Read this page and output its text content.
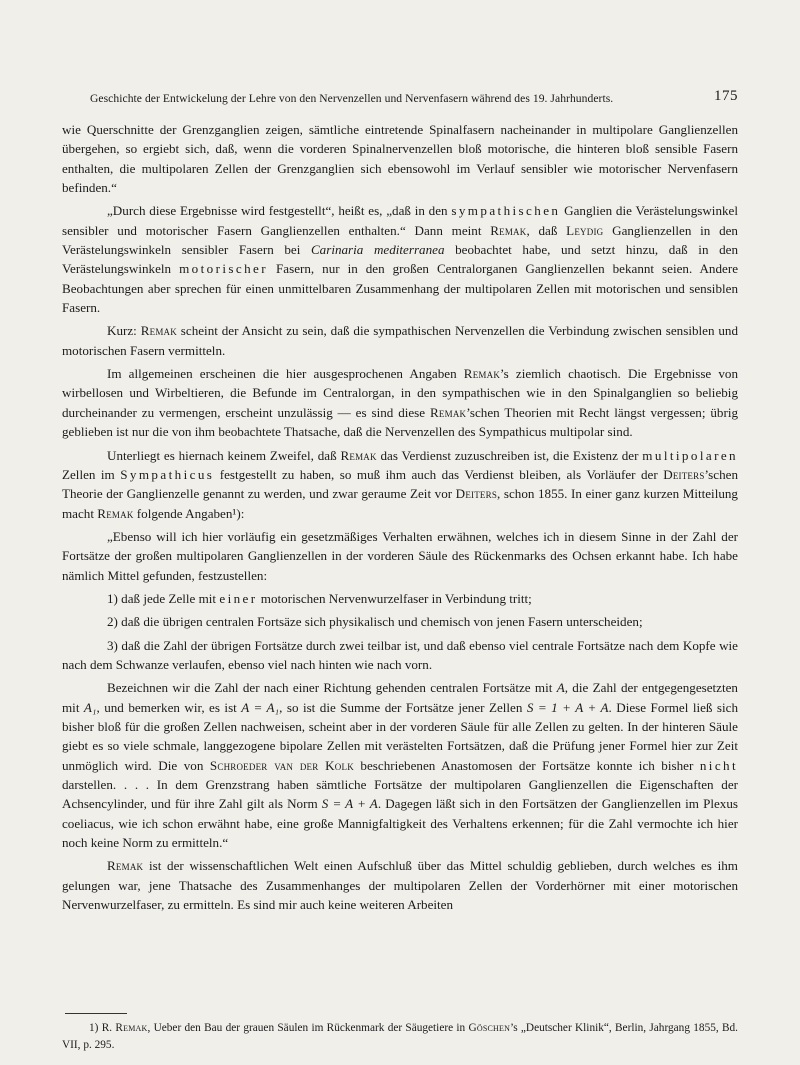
Geschichte der Entwickelung der Lehre von den Nervenzellen und Nervenfasern während des 19. Jahrhunderts.	175

wie Querschnitte der Grenzganglien zeigen, sämtliche eintretende Spinalfasern nacheinander in multipolare Ganglienzellen übergehen, so ergiebt sich, daß, wenn die vorderen Spinalnervenzellen bloß motorische, die hinteren bloß sensible Fasern enthalten, die multipolaren Zellen der Grenzganglien sich ebensowohl im Verlauf sensibler wie motorischer Nervenfasern befinden.“

„Durch diese Ergebnisse wird festgestellt“, heißt es, „daß in den sympathischen Ganglien die Verästelungswinkel sensibler und motorischer Fasern Ganglienzellen enthalten.“ Dann meint Remak, daß Leydig Ganglienzellen in den Verästelungswinkeln sensibler Fasern bei Carinaria mediterranea beobachtet habe, und setzt hinzu, daß in den Verästelungswinkeln motorischer Fasern, nur in den großen Centralorganen Ganglienzellen bekannt seien. Andere Beobachtungen aber sprechen für einen unmittelbaren Zusammenhang der multipolaren Zellen mit motorischen und sensiblen Fasern.

Kurz: Remak scheint der Ansicht zu sein, daß die sympathischen Nervenzellen die Verbindung zwischen sensiblen und motorischen Fasern vermitteln.

Im allgemeinen erscheinen die hier ausgesprochenen Angaben Remak’s ziemlich chaotisch. Die Ergebnisse von wirbellosen und Wirbeltieren, die Befunde im Centralorgan, in den sympathischen wie in den Spinalganglien so beliebig durcheinander zu vermengen, erscheint unzulässig — es sind diese Remak’schen Theorien mit Recht längst vergessen; übrig geblieben ist nur die von ihm beobachtete Thatsache, daß die Nervenzellen des Sympathicus multipolar sind.

Unterliegt es hiernach keinem Zweifel, daß Remak das Verdienst zuzuschreiben ist, die Existenz der multipolaren Zellen im Sympathicus festgestellt zu haben, so muß ihm auch das Verdienst bleiben, als Vorläufer der Deiters’schen Theorie der Ganglienzelle genannt zu werden, und zwar geraume Zeit vor Deiters, schon 1855. In einer ganz kurzen Mitteilung macht Remak folgende Angaben¹):

„Ebenso will ich hier vorläufig ein gesetzmäßiges Verhalten erwähnen, welches ich in diesem Sinne in der Zahl der Fortsätze der großen multipolaren Ganglienzellen in der vorderen Säule des Rückenmarks des Ochsen erkannt habe. Ich habe nämlich Mittel gefunden, festzustellen:

1) daß jede Zelle mit einer motorischen Nervenwurzelfaser in Verbindung tritt;

2) daß die übrigen centralen Fortsäze sich physikalisch und chemisch von jenen Fasern unterscheiden;

3) daß die Zahl der übrigen Fortsätze durch zwei teilbar ist, und daß ebenso viel centrale Fortsätze nach dem Kopfe wie nach dem Schwanze verlaufen, ebenso viel nach hinten wie nach vorn.

Bezeichnen wir die Zahl der nach einer Richtung gehenden centralen Fortsätze mit A, die Zahl der entgegengesetzten mit A₁, und bemerken wir, es ist A = A₁, so ist die Summe der Fortsätze jener Zellen S = 1 + A + A. Diese Formel ließ sich bisher bloß für die großen Zellen nachweisen, scheint aber in der vorderen Säule für alle Zellen zu gelten. In der hinteren Säule giebt es so viele schmale, langgezogene bipolare Zellen mit verästelten Fortsätzen, daß die Prüfung jener Formel hier zur Zeit unmöglich wird. Die von Schroeder van der Kolk beschriebenen Anastomosen der Fortsätze konnte ich bisher nicht darstellen. . . . In dem Grenzstrang haben sämtliche Fortsätze der multipolaren Ganglienzellen die Eigenschaften der Achsencylinder, und für ihre Zahl gilt als Norm S = A + A. Dagegen läßt sich in den Fortsätzen der Ganglienzellen im Plexus coeliacus, wie ich schon erwähnt habe, eine große Mannigfaltigkeit des Verhaltens erkennen; für die Zahl vermochte ich hier noch keine Norm zu ermitteln.“

Remak ist der wissenschaftlichen Welt einen Aufschluß über das Mittel schuldig geblieben, durch welches es ihm gelungen war, jene Thatsache des Zusammenhanges der multipolaren Zellen der Vorderhörner mit einer motorischen Nervenwurzelfaser, zu ermitteln. Es sind mir auch keine weiteren Arbeiten

1) R. Remak, Ueber den Bau der grauen Säulen im Rückenmark der Säugetiere in Göschen’s „Deutscher Klinik“, Berlin, Jahrgang 1855, Bd. VII, p. 295.
